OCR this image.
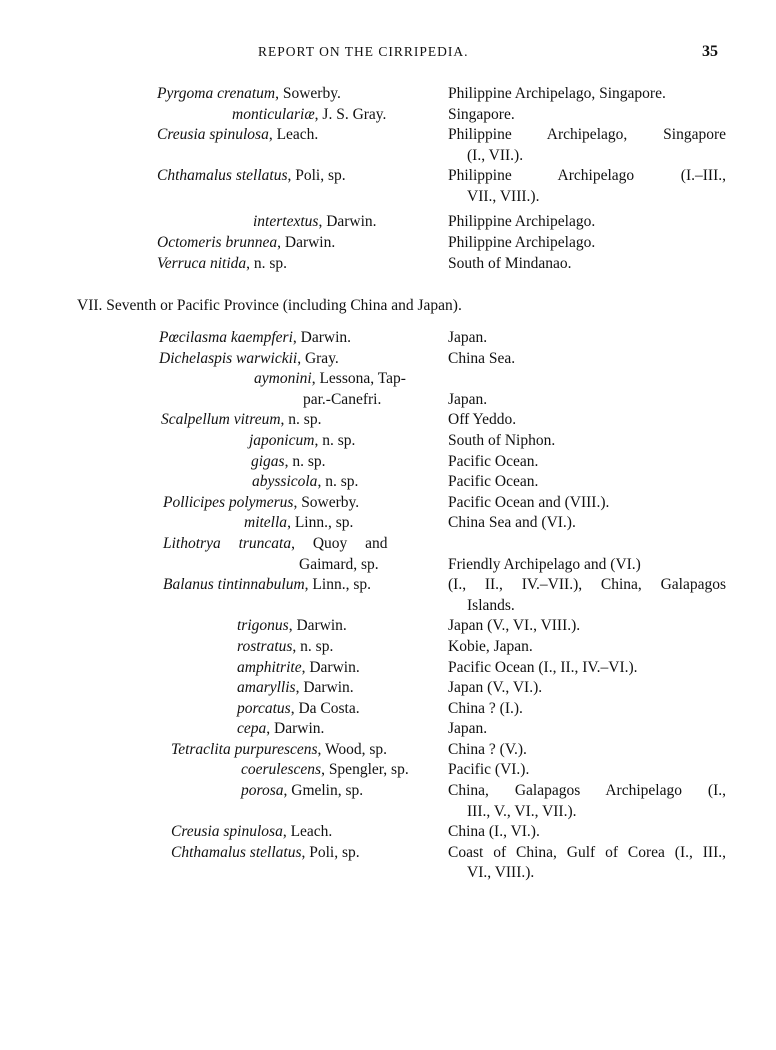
REPORT ON THE CIRRIPEDIA.	35
Pyrgoma crenatum, Sowerby.	Philippine Archipelago, Singapore.
monticulariæ, J. S. Gray.	Singapore.
Creusia spinulosa, Leach.	Philippine Archipelago, Singapore
(I., VII.).
Chthamalus stellatus, Poli, sp.	Philippine Archipelago (I.–III.,
VII., VIII.).
intertextus, Darwin.	Philippine Archipelago.
Octomeris brunnea, Darwin.	Philippine Archipelago.
Verruca nitida, n. sp.	South of Mindanao.
VII. Seventh or Pacific Province (including China and Japan).
Pœcilasma kaempferi, Darwin.	Japan.
Dichelaspis warwickii, Gray.	China Sea.
aymonini, Lessona, Tap-
par.-Canefri.	Japan.
Scalpellum vitreum, n. sp.	Off Yeddo.
japonicum, n. sp.	South of Niphon.
gigas, n. sp.	Pacific Ocean.
abyssicola, n. sp.	Pacific Ocean.
Pollicipes polymerus, Sowerby.	Pacific Ocean and (VIII.).
mitella, Linn., sp.	China Sea and (VI.).
Lithotrya truncata, Quoy and
Gaimard, sp.	Friendly Archipelago and (VI.)
Balanus tintinnabulum, Linn., sp.	(I., II., IV.–VII.), China, Galapagos
Islands.
trigonus, Darwin.	Japan (V., VI., VIII.).
rostratus, n. sp.	Kobie, Japan.
amphitrite, Darwin.	Pacific Ocean (I., II., IV.–VI.).
amaryllis, Darwin.	Japan (V., VI.).
porcatus, Da Costa.	China ? (I.).
cepa, Darwin.	Japan.
Tetraclita purpurescens, Wood, sp.	China ? (V.).
coerulescens, Spengler, sp.	Pacific (VI.).
porosa, Gmelin, sp.	China, Galapagos Archipelago (I.,
III., V., VI., VII.).
Creusia spinulosa, Leach.	China (I., VI.).
Chthamalus stellatus, Poli, sp.	Coast of China, Gulf of Corea (I., III.,
VI., VIII.).
